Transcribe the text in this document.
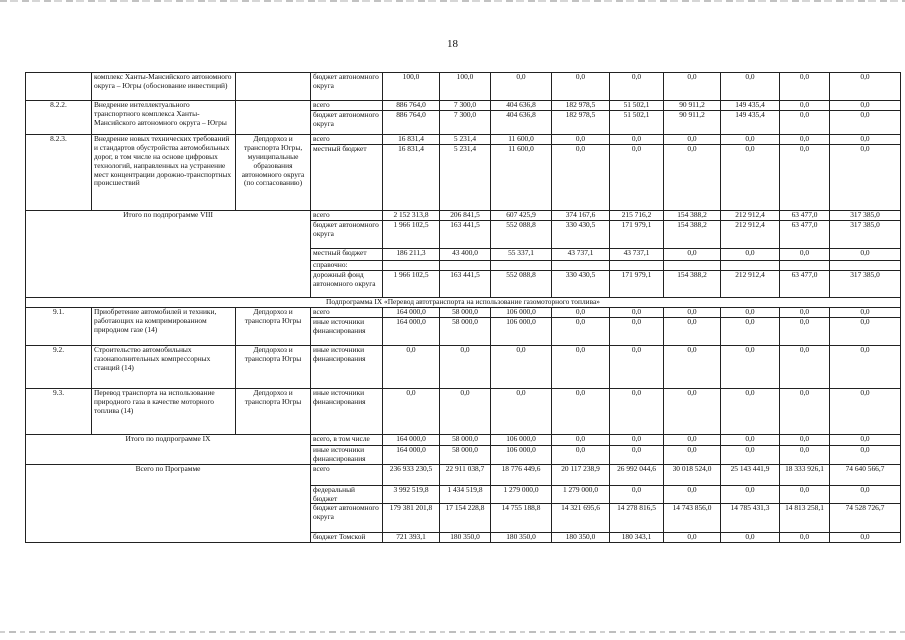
18
	комплекс Ханты-Мансийского автономного округа – Югры (обоснование инвестиций)		бюджет автономного округа	100,0	100,0	0,0	0,0	0,0	0,0	0,0	0,0	0,0
8.2.2.	Внедрение интеллектуального транспортного комплекса Ханты-Мансийского автономного округа – Югры		всего	886 764,0	7 300,0	404 636,8	182 978,5	51 502,1	90 911,2	149 435,4	0,0	0,0
			бюджет автономного округа	886 764,0	7 300,0	404 636,8	182 978,5	51 502,1	90 911,2	149 435,4	0,0	0,0
8.2.3.	Внедрение новых технических требований и стандартов обустройства автомобильных дорог, в том числе на основе цифровых технологий, направленных на устранение мест концентрации дорожно-транспортных происшествий	Депдорхоз и транспорта Югры, муниципальные образования автономного округа (по согласованию)	всего	16 831,4	5 231,4	11 600,0	0,0	0,0	0,0	0,0	0,0	0,0
			местный бюджет	16 831,4	5 231,4	11 600,0	0,0	0,0	0,0	0,0	0,0	0,0
Итого по подпрограмме VIII			всего	2 152 313,8	206 841,5	607 425,9	374 167,6	215 716,2	154 388,2	212 912,4	63 477,0	317 385,0
			бюджет автономного округа	1 966 102,5	163 441,5	552 088,8	330 430,5	171 979,1	154 388,2	212 912,4	63 477,0	317 385,0
			местный бюджет	186 211,3	43 400,0	55 337,1	43 737,1	43 737,1	0,0	0,0	0,0	0,0
			справочно:									
			дорожный фонд автономного округа	1 966 102,5	163 441,5	552 088,8	330 430,5	171 979,1	154 388,2	212 912,4	63 477,0	317 385,0
Подпрограмма IX «Перевод автотранспорта на использование газомоторного топлива»												
9.1.	Приобретение автомобилей и техники, работающих на компримированном природном газе (14)	Депдорхоз и транспорта Югры	всего	164 000,0	58 000,0	106 000,0	0,0	0,0	0,0	0,0	0,0	0,0
			иные источники финансирования	164 000,0	58 000,0	106 000,0	0,0	0,0	0,0	0,0	0,0	0,0
9.2.	Строительство автомобильных газонаполнительных компрессорных станций (14)	Депдорхоз и транспорта Югры	иные источники финансирования	0,0	0,0	0,0	0,0	0,0	0,0	0,0	0,0	0,0
9.3.	Перевод транспорта на использование природного газа в качестве моторного топлива (14)	Депдорхоз и транспорта Югры	иные источники финансирования	0,0	0,0	0,0	0,0	0,0	0,0	0,0	0,0	0,0
Итого по подпрограмме IX			всего, в том числе	164 000,0	58 000,0	106 000,0	0,0	0,0	0,0	0,0	0,0	0,0
			иные источники финансирования	164 000,0	58 000,0	106 000,0	0,0	0,0	0,0	0,0	0,0	0,0
Всего по Программе			всего	236 933 230,5	22 911 038,7	18 776 449,6	20 117 238,9	26 992 044,6	30 018 524,0	25 143 441,9	18 333 926,1	74 640 566,7
			федеральный бюджет	3 992 519,8	1 434 519,8	1 279 000,0	1 279 000,0	0,0	0,0	0,0	0,0	0,0
			бюджет автономного округа	179 381 201,8	17 154 228,8	14 755 188,8	14 321 695,6	14 278 816,5	14 743 856,0	14 785 431,3	14 813 258,1	74 528 726,7
			бюджет Томской	721 393,1	180 350,0	180 350,0	180 350,0	180 343,1	0,0	0,0	0,0	0,0
